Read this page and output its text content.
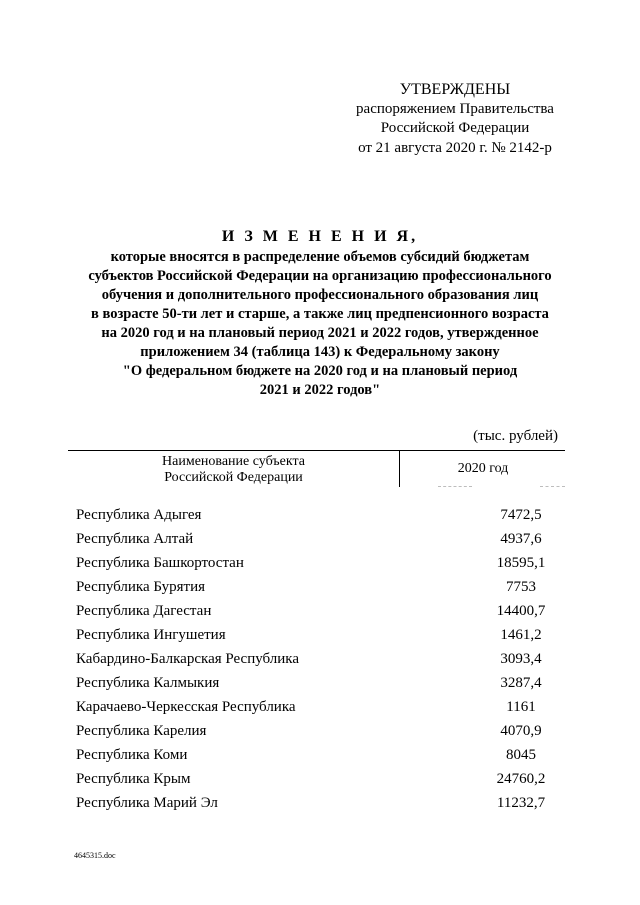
УТВЕРЖДЕНЫ
распоряжением Правительства
Российской Федерации
от 21 августа 2020 г. № 2142-р
И З М Е Н Е Н И Я,
которые вносятся в распределение объемов субсидий бюджетам
субъектов Российской Федерации на организацию профессионального
обучения и дополнительного профессионального образования лиц
в возрасте 50-ти лет и старше, а также лиц предпенсионного возраста
на 2020 год и на плановый период 2021 и 2022 годов, утвержденное
приложением 34 (таблица 143) к Федеральному закону
"О федеральном бюджете на 2020 год и на плановый период
2021 и 2022 годов"
(тыс. рублей)
Наименование субъекта
Российской Федерации
2020 год
Республика Адыгея	7472,5
Республика Алтай	4937,6
Республика Башкортостан	18595,1
Республика Бурятия	7753
Республика Дагестан	14400,7
Республика Ингушетия	1461,2
Кабардино-Балкарская Республика	3093,4
Республика Калмыкия	3287,4
Карачаево-Черкесская Республика	1161
Республика Карелия	4070,9
Республика Коми	8045
Республика Крым	24760,2
Республика Марий Эл	11232,7
4645315.doc
